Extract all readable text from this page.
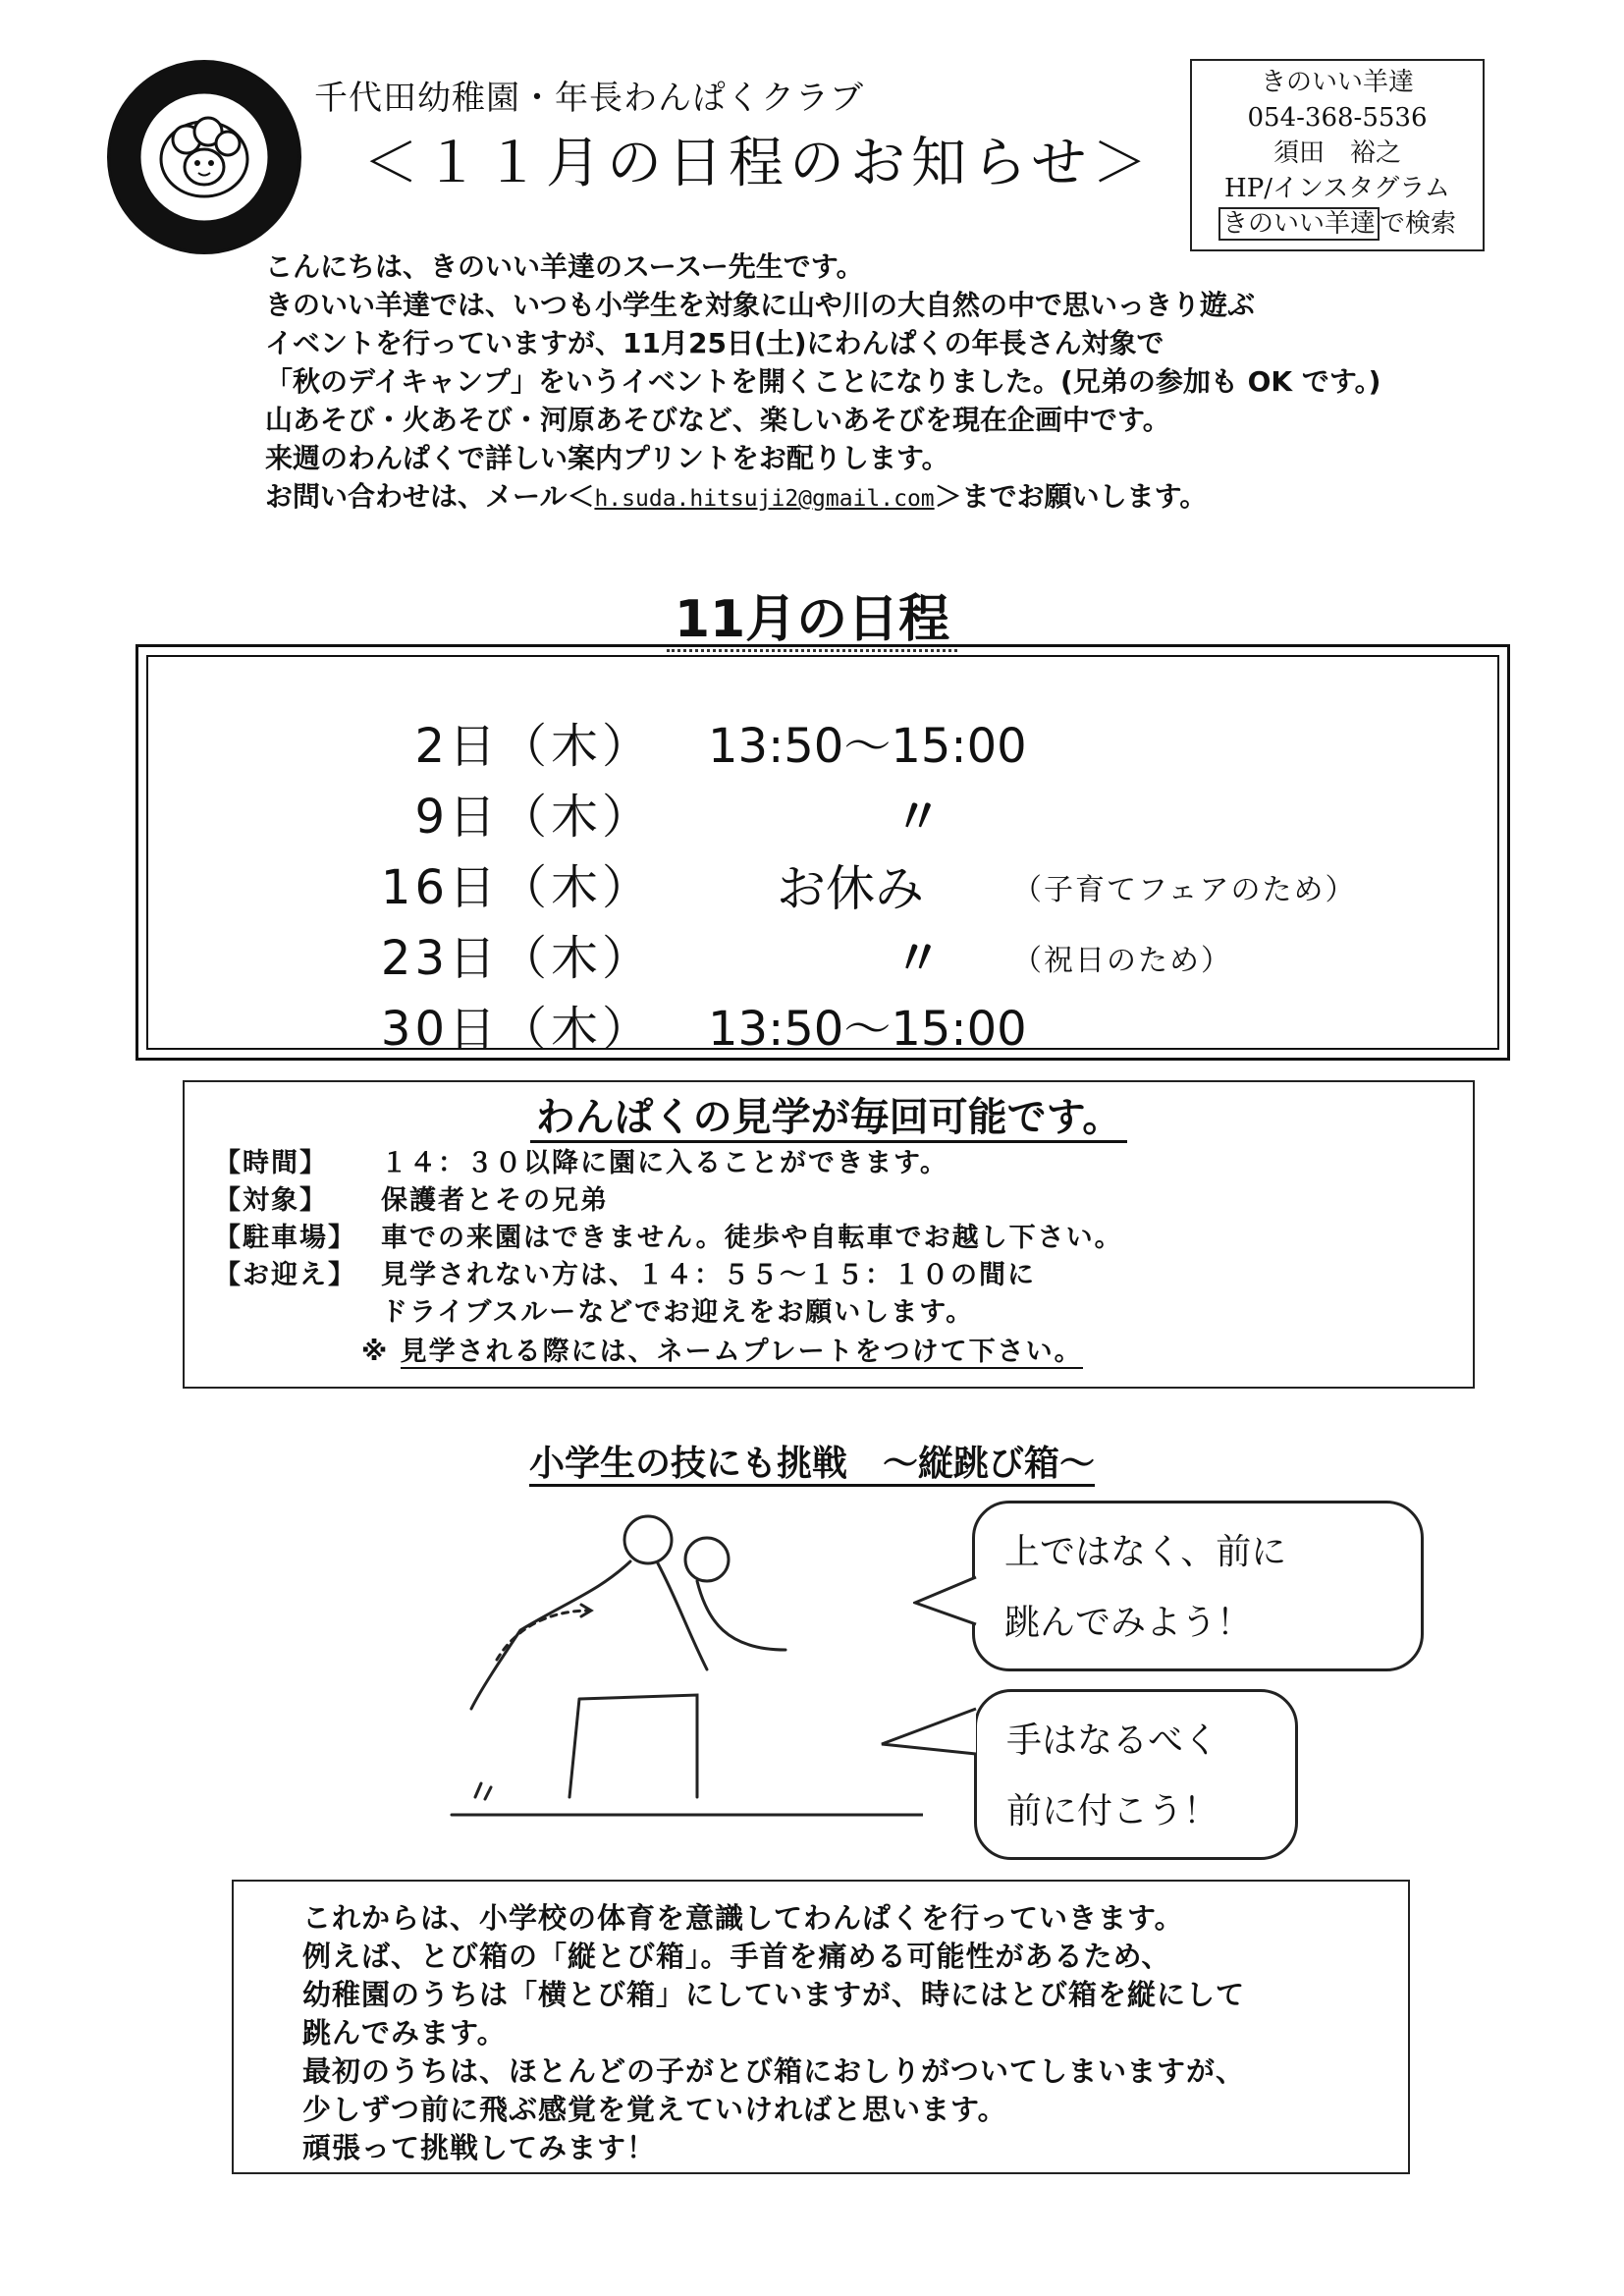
千代田幼稚園・年長わんぱくクラブ
＜１１月の日程のお知らせ＞
きのいい羊達
054-368-5536
須田　裕之
HP/インスタグラム
きのいい羊達 で検索

こんにちは、きのいい羊達のスースー先生です。

きのいい羊達では、いつも小学生を対象に山や川の大自然の中で思いっきり遊ぶ

イベントを行っていますが、11月25日(土)にわんぱくの年長さん対象で

「秋のデイキャンプ」をいうイベントを開くことになりました。(兄弟の参加も OK です。)

山あそび・火あそび・河原あそびなど、楽しいあそびを現在企画中です。

来週のわんぱくで詳しい案内プリントをお配りします。

お問い合わせは、メール＜h.suda.hitsuji2@gmail.com＞までお願いします。

11月の日程
2日（木） 13:50〜15:00
9日（木）	〃
16日（木）	お休み	（子育てフェアのため）
23日（木）	〃 （祝日のため）
30日（木） 13:50〜15:00
わんぱくの見学が毎回可能です。
【時間】 １４：３０以降に園に入ることができます。
【対象】 保護者とその兄弟
【駐車場】 車での来園はできません。徒歩や自転車でお越し下さい。
【お迎え】 見学されない方は、１４：５５〜１５：１０の間に
ドライブスルーなどでお迎えをお願いします。
※ 見学される際には、ネームプレートをつけて下さい。
小学生の技にも挑戦　〜縦跳び箱〜
上ではなく、前に
跳んでみよう！
手はなるべく
前に付こう！

これからは、小学校の体育を意識してわんぱくを行っていきます。

例えば、とび箱の「縦とび箱」。手首を痛める可能性があるため、

幼稚園のうちは「横とび箱」にしていますが、時にはとび箱を縦にして

跳んでみます。

最初のうちは、ほとんどの子がとび箱におしりがついてしまいますが、

少しずつ前に飛ぶ感覚を覚えていければと思います。

頑張って挑戦してみます！
